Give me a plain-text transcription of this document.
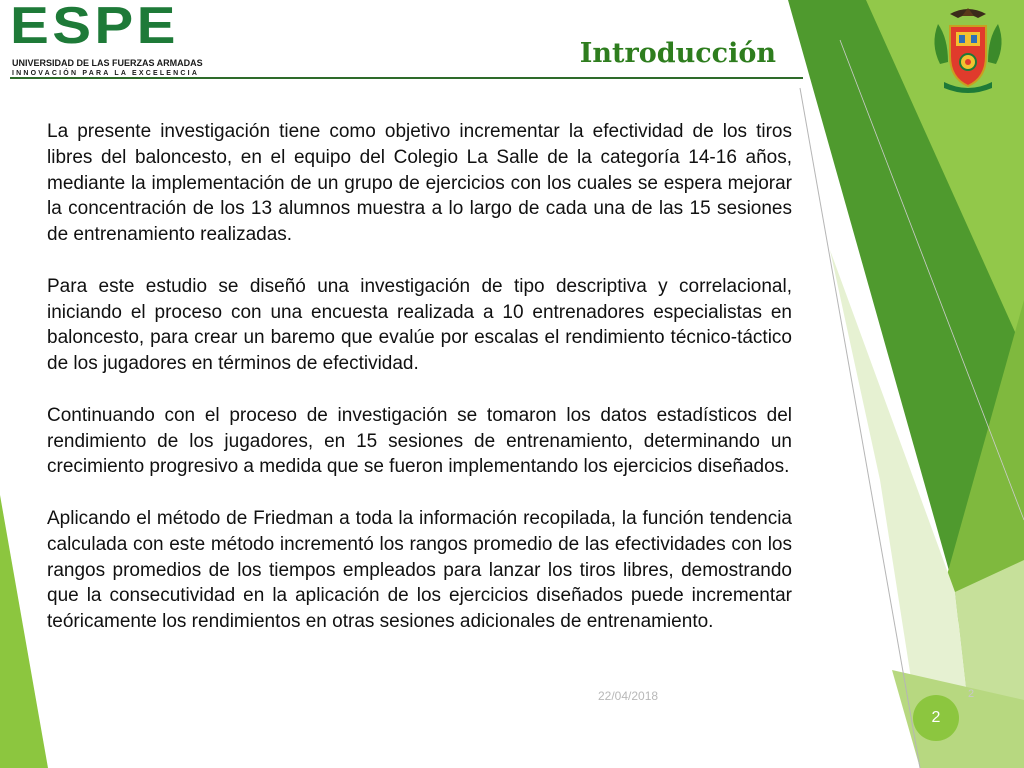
ESPE
UNIVERSIDAD DE LAS FUERZAS ARMADAS
INNOVACIÓN PARA LA EXCELENCIA
Introducción

La presente investigación tiene como objetivo incrementar la efectividad de los tiros libres del baloncesto, en el equipo del Colegio La Salle de la categoría 14-16 años, mediante la implementación de un grupo de ejercicios con los cuales se espera mejorar la concentración de los 13 alumnos muestra a lo largo de cada una de las 15 sesiones de entrenamiento realizadas.

Para este estudio se diseñó una investigación de tipo descriptiva y correlacional, iniciando el proceso con una encuesta realizada a 10 entrenadores especialistas en baloncesto, para crear un baremo que evalúe por escalas el rendimiento técnico-táctico de los jugadores en términos de efectividad.

Continuando con el proceso de investigación se tomaron los datos estadísticos del rendimiento de los jugadores, en 15 sesiones de entrenamiento, determinando un crecimiento progresivo a medida que se fueron implementando los ejercicios diseñados.

Aplicando el método de Friedman a toda la información recopilada, la función tendencia calculada con este método incrementó los rangos promedio de las efectividades con los rangos promedios de los tiempos empleados para lanzar los tiros libres, demostrando que la consecutividad en la aplicación de los ejercicios diseñados puede incrementar teóricamente los rendimientos en otras sesiones adicionales de entrenamiento.

22/04/2018	2
2
